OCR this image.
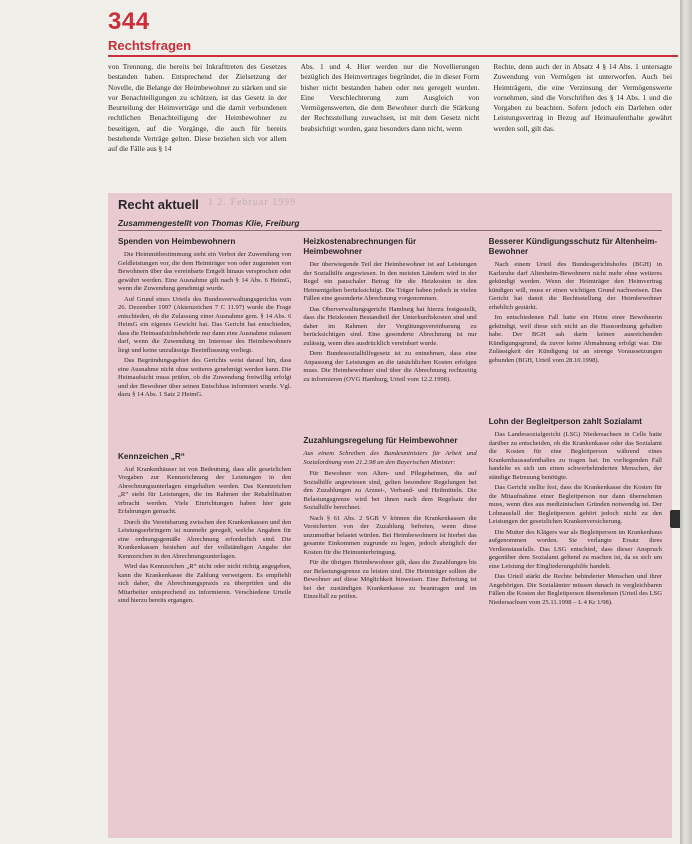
344
Rechtsfragen
von Trennung, die bereits bei Inkrafttreten des Gesetzes bestanden haben. Entsprechend der Zielsetzung der Novelle, die Belange der Heimbewohner zu stärken und sie vor Benachteiligungen zu schützen, ist das Gesetz in der Beurteilung der Heimverträge und die damit verbundenen rechtlichen Benachteiligung der Heimbewohner zu beseitigen, auf die Vorgänge, die auch für bereits bestehende Verträge gelten. Diese beziehen sich vor allem auf die Fälle aus § 14
Abs. 1 und 4. Hier werden nur die Novellierungen bezüglich des Heimvertrages begründet, die in dieser Form bisher nicht bestanden haben oder neu geregelt wurden. Eine Verschlechterung zum Ausgleich von Vermögenswerten, die dem Bewohner durch die Stärkung der Rechtsstellung zuwachsen, ist mit dem Gesetz nicht beabsichtigt worden, ganz besonders dann nicht, wenn
Rechte, denn auch der in Absatz 4 § 14 Abs. 1 untersagte Zuwendung von Vermögen ist unterworfen. Auch bei Heimträgern, die eine Verzinsung der Vermögenswerte vornehmen, sind die Vorschriften des § 14 Abs. 1 und die Vorgaben zu beachten. Sofern jedoch ein Darlehen oder Leistungsvertrag in Bezug auf Heimaufenthalte gewährt werden soll, gilt das.
Recht aktuell 1 2. Februar 1999
Zusammengestellt von Thomas Klie, Freiburg
Spenden von Heimbewohnern

Die Heimmitbestimmung sieht ein Verbot der Zuwendung von Geldleistungen vor, die dem Heimträger von oder zugunsten von Bewohnern über das vereinbarte Entgelt hinaus versprochen oder gewährt werden. Eine Ausnahme gilt nach § 14 Abs. 6 HeimG, wenn die Zuwendung genehmigt wurde.

Auf Grund eines Urteils des Bundesverwaltungsgerichts vom 26. Dezember 1997 (Aktenzeichen 7 C 11.97) wurde die Frage entschieden, ob die Zulassung einer Ausnahme gem. § 14 Abs. 6 HeimG ein eigenes Gewicht hat. Das Gericht hat entschieden, dass die Heimaufsichtsbehörde nur dann eine Ausnahme zulassen darf, wenn die Zuwendung im Interesse des Heimbewohners liegt und keine unzulässige Beeinflussung vorliegt.

Das Begründungsgebiet des Gerichts weist darauf hin, dass eine Ausnahme nicht ohne weiteres genehmigt werden kann. Die Heimaufsicht muss prüfen, ob die Zuwendung freiwillig erfolgt und der Bewohner über seinen Entschluss informiert wurde. Vgl. dazu § 14 Abs. 1 Satz 2 HeimG.

Kennzeichen „R“

Auf Krankenhäuser ist von Bedeutung, dass alle gesetzlichen Vorgaben zur Kennzeichnung der Leistungen in den Abrechnungsunterlagen eingehalten werden. Das Kennzeichen „R“ steht für Leistungen, die im Rahmen der Rehabilitation erbracht werden. Viele Einrichtungen haben hier gute Erfahrungen gemacht.

Durch die Vereinbarung zwischen den Krankenkassen und den Leistungserbringern ist nunmehr geregelt, welche Angaben für eine ordnungsgemäße Abrechnung erforderlich sind. Die Krankenkassen bestehen auf der vollständigen Angabe der Kennzeichen in den Abrechnungsunterlagen.

Wird das Kennzeichen „R“ nicht oder nicht richtig angegeben, kann die Krankenkasse die Zahlung verweigern. Es empfiehlt sich daher, die Abrechnungspraxis zu überprüfen und die Mitarbeiter entsprechend zu informieren. Verschiedene Urteile sind hierzu bereits ergangen.

Heizkostenabrechnungen für Heimbewohner

Der überwiegende Teil der Heimbewohner ist auf Leistungen der Sozialhilfe angewiesen. In den meisten Ländern wird in der Regel ein pauschaler Betrag für die Heizkosten in den Heimentgelten berücksichtigt. Die Träger haben jedoch in vielen Fällen eine gesonderte Abrechnung vorgenommen.

Das Oberverwaltungsgericht Hamburg hat hierzu festgestellt, dass die Heizkosten Bestandteil der Unterkunftskosten sind und daher im Rahmen der Vergütungsvereinbarung zu berücksichtigen sind. Eine gesonderte Abrechnung ist nur zulässig, wenn dies ausdrücklich vereinbart wurde.

Dem Bundessozialhilfegesetz ist zu entnehmen, dass eine Anpassung der Leistungen an die tatsächlichen Kosten erfolgen muss. Die Heimbewohner sind über die Abrechnung rechtzeitig zu informieren (OVG Hamburg, Urteil vom 12.2.1998).

Zuzahlungsregelung für Heimbewohner
Aus einem Schreiben des Bundesministers für Arbeit und Sozialordnung vom 21.2.98 an den Bayerischen Minister:

Für Bewohner von Alten- und Pflegeheimen, die auf Sozialhilfe angewiesen sind, gelten besondere Regelungen bei den Zuzahlungen zu Arznei-, Verband- und Heilmitteln. Die Belastungsgrenze wird bei ihnen nach dem Regelsatz der Sozialhilfe berechnet.

Nach § 61 Abs. 2 SGB V können die Krankenkassen die Versicherten von der Zuzahlung befreien, wenn diese unzumutbar belastet würden. Bei Heimbewohnern ist hierbei das gesamte Einkommen zugrunde zu legen, jedoch abzüglich der Kosten für die Heimunterbringung.

Für die übrigen Heimbewohner gilt, dass die Zuzahlungen bis zur Belastungsgrenze zu leisten sind. Die Heimträger sollten die Bewohner auf diese Möglichkeit hinweisen. Eine Befreiung ist bei der zuständigen Krankenkasse zu beantragen und im Einzelfall zu prüfen.

Besserer Kündigungsschutz für Altenheim-Bewohner

Nach einem Urteil des Bundesgerichtshofes (BGH) in Karlsruhe darf Altenheim-Bewohnern nicht mehr ohne weiteres gekündigt werden. Wenn der Heimträger den Heimvertrag kündigen will, muss er einen wichtigen Grund nachweisen. Das Gericht hat damit die Rechtsstellung der Heimbewohner erheblich gestärkt.

Im entschiedenen Fall hatte ein Heim einer Bewohnerin gekündigt, weil diese sich nicht an die Hausordnung gehalten habe. Der BGH sah darin keinen ausreichenden Kündigungsgrund, da zuvor keine Abmahnung erfolgt war. Die Zulässigkeit der Kündigung ist an strenge Voraussetzungen gebunden (BGH, Urteil vom 28.10.1998).

Lohn der Begleitperson zahlt Sozialamt

Das Landessozialgericht (LSG) Niedersachsen in Celle hatte darüber zu entscheiden, ob die Krankenkasse oder das Sozialamt die Kosten für eine Begleitperson während eines Krankenhausaufenthaltes zu tragen hat. Im vorliegenden Fall handelte es sich um einen schwerbehinderten Menschen, der ständige Betreuung benötigte.

Das Gericht stellte fest, dass die Krankenkasse die Kosten für die Mitaufnahme einer Begleitperson nur dann übernehmen muss, wenn dies aus medizinischen Gründen notwendig ist. Der Lohnausfall der Begleitperson gehört jedoch nicht zu den Leistungen der gesetzlichen Krankenversicherung.

Die Mutter des Klägers war als Begleitperson im Krankenhaus aufgenommen worden. Sie verlangte Ersatz ihres Verdienstausfalls. Das LSG entschied, dass dieser Anspruch gegenüber dem Sozialamt geltend zu machen ist, da es sich um eine Leistung der Eingliederungshilfe handelt.

Das Urteil stärkt die Rechte behinderter Menschen und ihrer Angehörigen. Die Sozialämter müssen danach in vergleichbaren Fällen die Kosten der Begleitperson übernehmen (Urteil des LSG Niedersachsen vom 25.11.1998 – L 4 Kr 1/98).
